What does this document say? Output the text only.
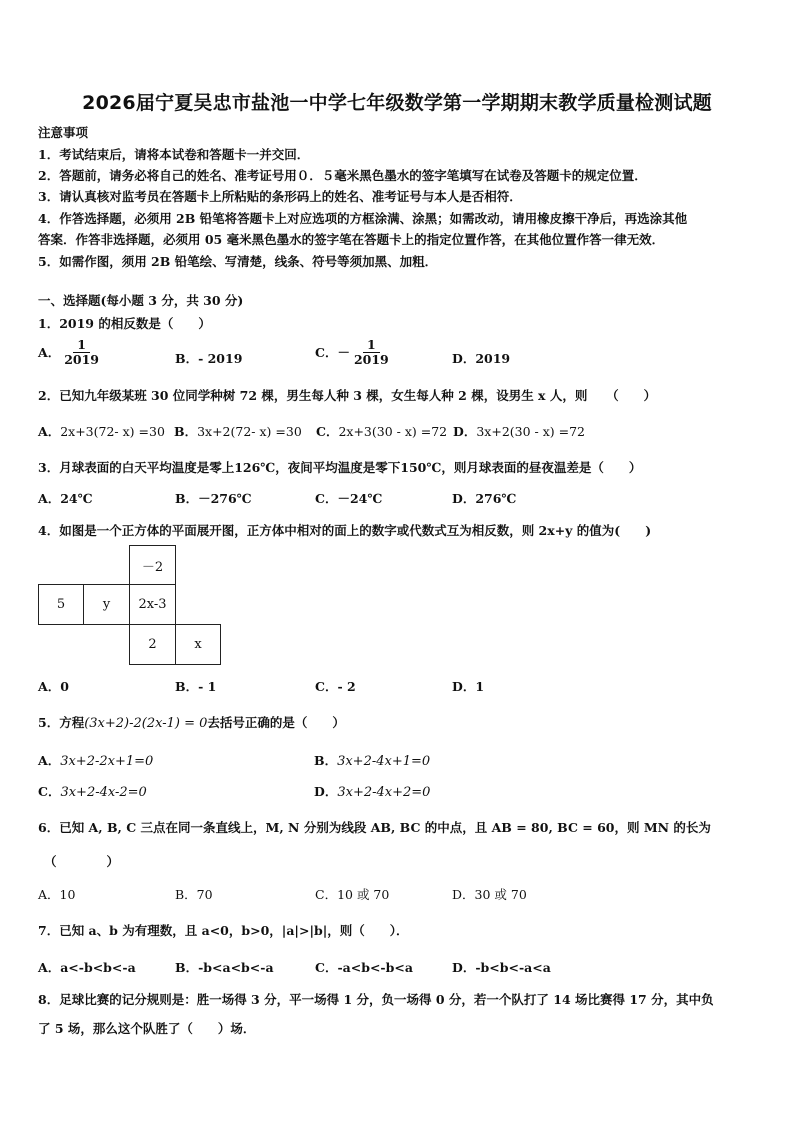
2026届宁夏吴忠市盐池一中学七年级数学第一学期期末教学质量检测试题
注意事项
1．考试结束后，请将本试卷和答题卡一并交回．
2．答题前，请务必将自己的姓名、准考证号用０．５毫米黑色墨水的签字笔填写在试卷及答题卡的规定位置．
3．请认真核对监考员在答题卡上所粘贴的条形码上的姓名、准考证号与本人是否相符．
4．作答选择题，必须用 2B 铅笔将答题卡上对应选项的方框涂满、涂黑；如需改动，请用橡皮擦干净后，再选涂其他
答案．作答非选择题，必须用 05 毫米黑色墨水的签字笔在答题卡上的指定位置作答，在其他位置作答一律无效．
5．如需作图，须用 2B 铅笔绘、写清楚，线条、符号等须加黑、加粗．
一、选择题(每小题 3 分，共 30 分)
1．2019 的相反数是（　　）
A． $\frac{1}{2019}$	B．- 2019	C．－ $\frac{1}{2019}$	D．2019
2．已知九年级某班 30 位同学种树 72 棵，男生每人种 3 棵，女生每人种 2 棵，设男生 x 人，则　　（　　）
A．2x+3(72- x) =30 B．3x+2(72- x) =30 C．2x+3(30 - x) =72 D．3x+2(30 - x) =72
3．月球表面的白天平均温度是零上126℃，夜间平均温度是零下150℃，则月球表面的昼夜温差是（　　）
A．24℃	B．－276℃	C．－24℃	D．276℃
4．如图是一个正方体的平面展开图，正方体中相对的面上的数字或代数式互为相反数，则 2x+y 的值为(　　)
－2
5	y	2x-3
2	x
A．0	B．- 1	C．- 2	D．1
5．方程(3x+2)-2(2x-1) = 0去括号正确的是（　　）
A．3x+2-2x+1=0	B．3x+2-4x+1=0
C．3x+2-4x-2=0	D．3x+2-4x+2=0
6．已知 A, B, C 三点在同一条直线上，M, N 分别为线段 AB, BC 的中点，且 AB = 80, BC = 60，则 MN 的长为
（　　　　）
A．10	B．70	C．10 或 70	D．30 或 70
7．已知 a、b 为有理数，且 a<0，b>0，|a|>|b|，则（　　）．
A．a<-b<b<-a	B．-b<a<b<-a	C．-a<b<-b<a	D．-b<b<-a<a
8．足球比赛的记分规则是：胜一场得 3 分，平一场得 1 分，负一场得 0 分，若一个队打了 14 场比赛得 17 分，其中负
了 5 场，那么这个队胜了（　　）场．
